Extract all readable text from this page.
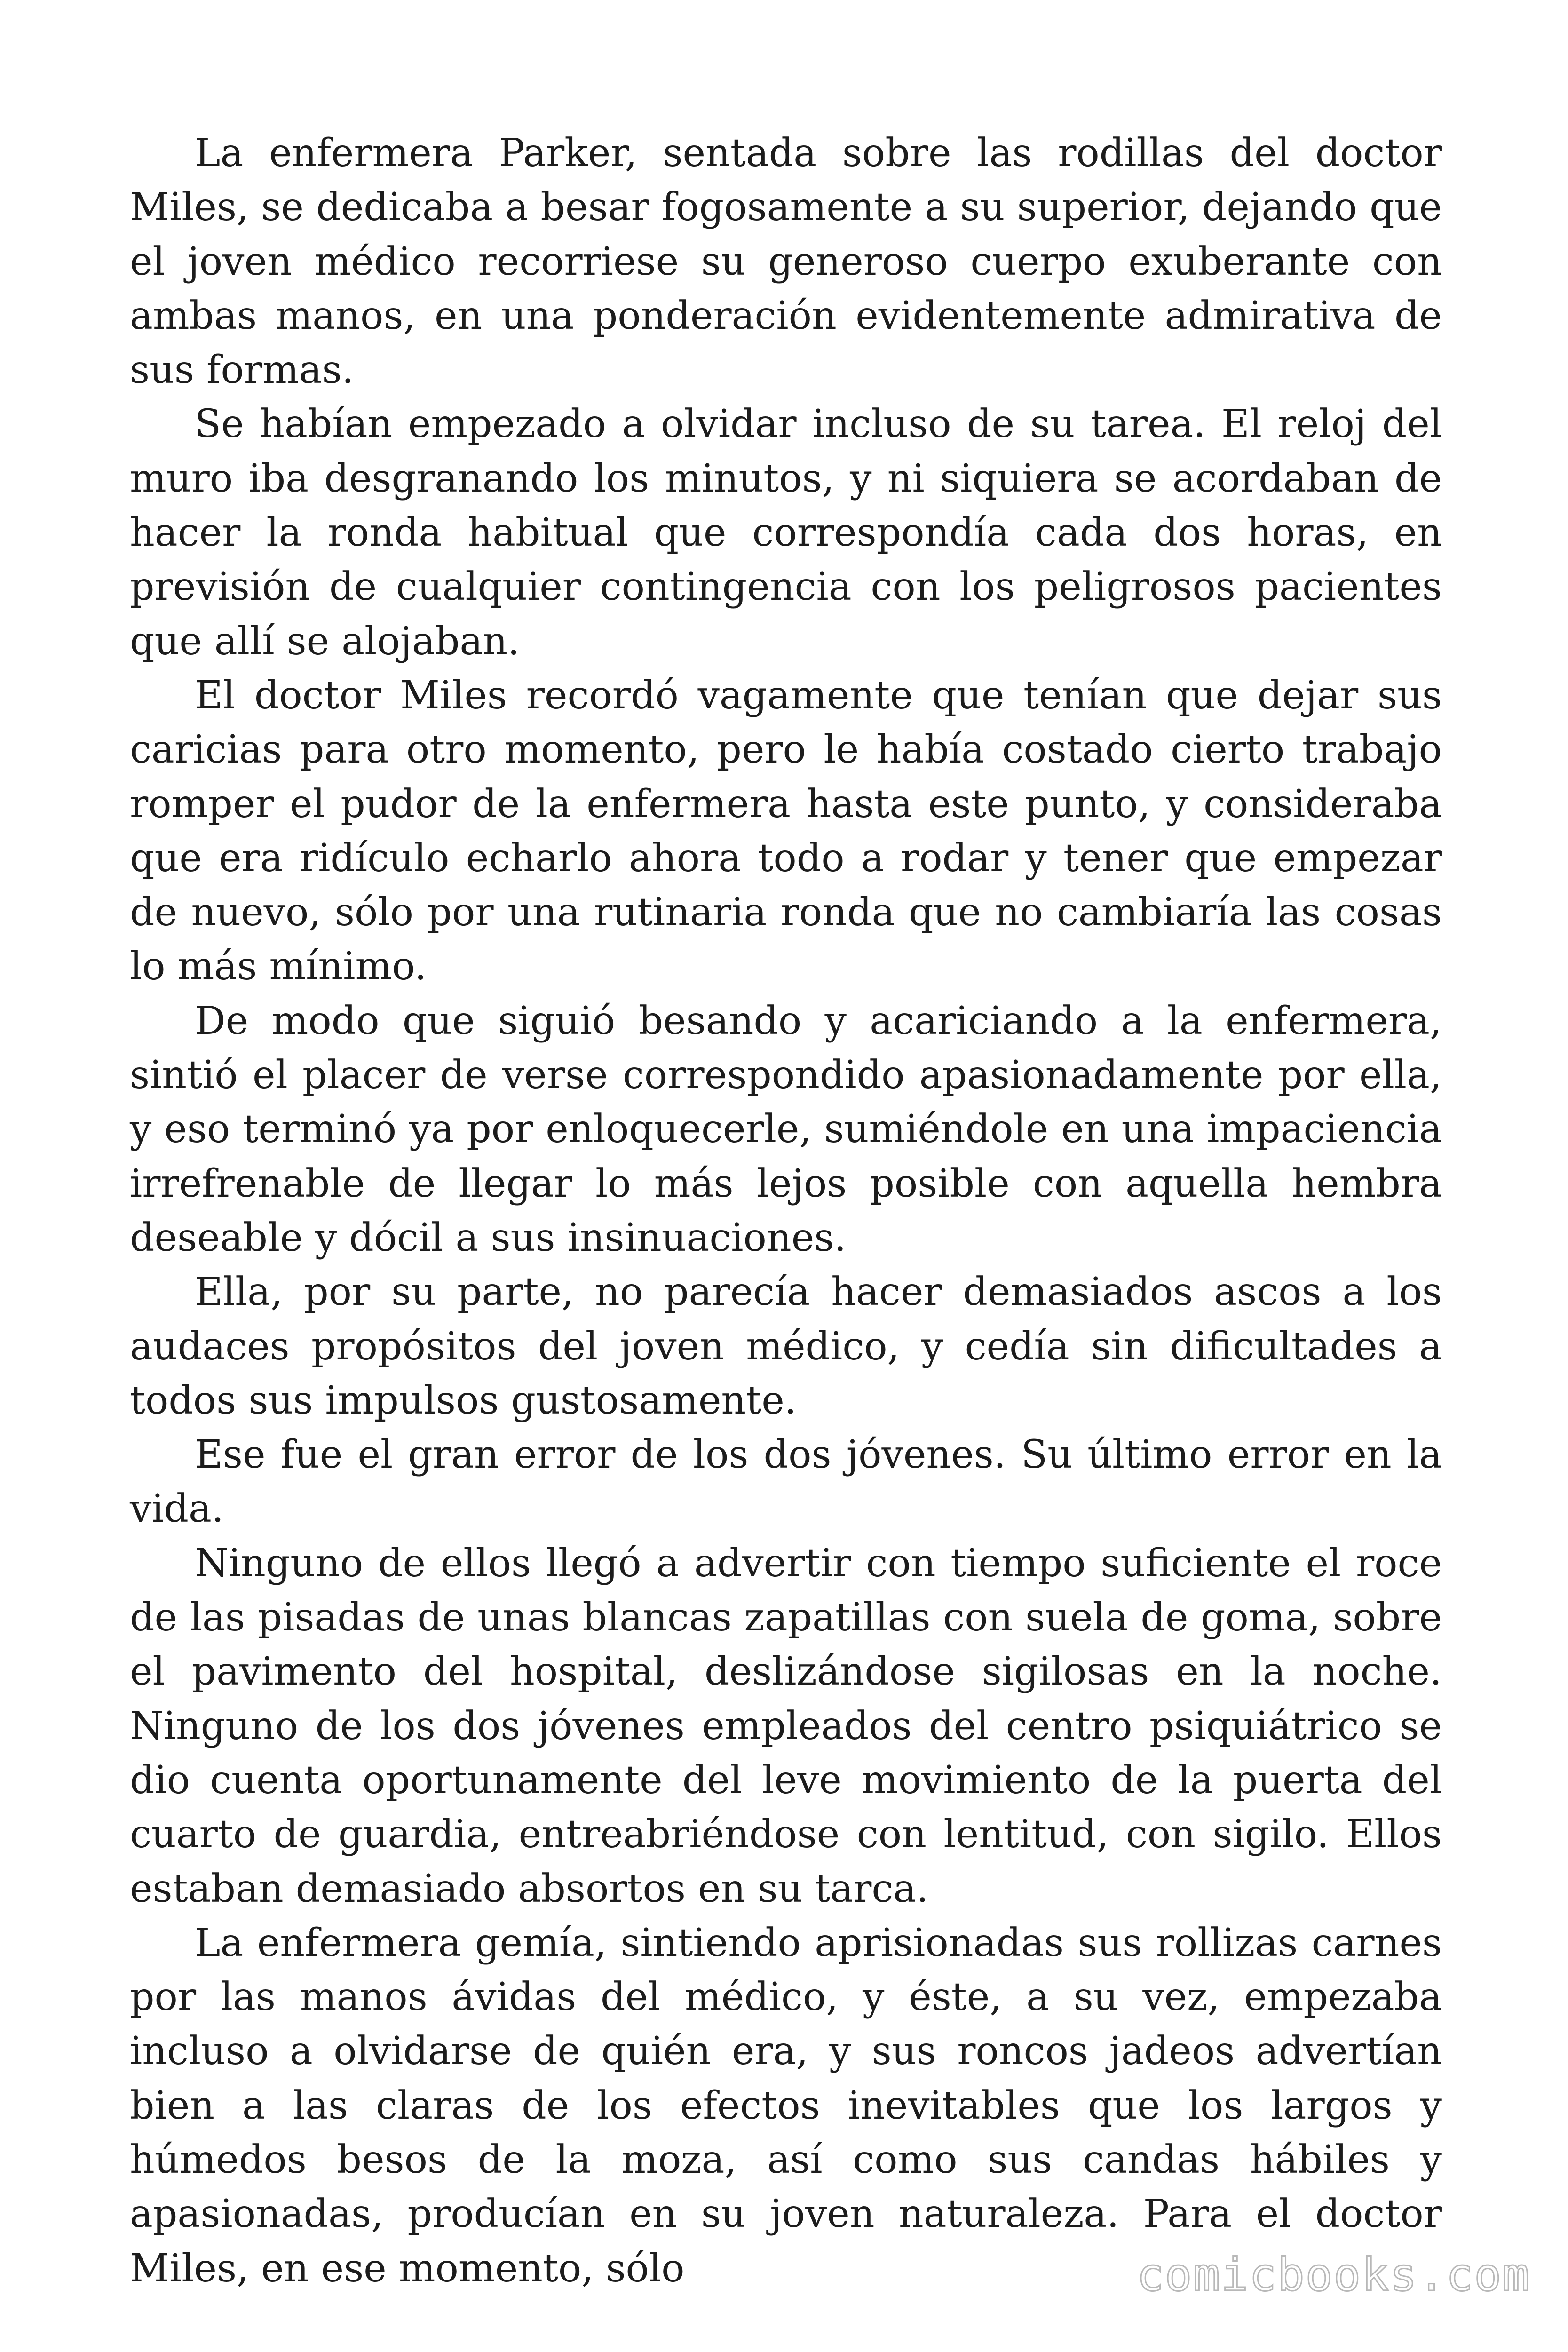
La enfermera Parker, sentada sobre las rodillas del doctor Miles, se dedicaba a besar fogosamente a su superior, dejando que el joven médico recorriese su generoso cuerpo exuberante con ambas manos, en una ponderación evidentemente admirativa de sus formas.

Se habían empezado a olvidar incluso de su tarea. El reloj del muro iba desgranando los minutos, y ni siquiera se acordaban de hacer la ronda habitual que correspondía cada dos horas, en previsión de cualquier contingencia con los peligrosos pacientes que allí se alojaban.

El doctor Miles recordó vagamente que tenían que dejar sus caricias para otro momento, pero le había costado cierto trabajo romper el pudor de la enfermera hasta este punto, y consideraba que era ridículo echarlo ahora todo a rodar y tener que empezar de nuevo, sólo por una rutinaria ronda que no cambiaría las cosas lo más mínimo.

De modo que siguió besando y acariciando a la enfermera, sintió el placer de verse correspondido apasionadamente por ella, y eso terminó ya por enloquecerle, sumiéndole en una impaciencia irrefrenable de llegar lo más lejos posible con aquella hembra deseable y dócil a sus insinuaciones.

Ella, por su parte, no parecía hacer demasiados ascos a los audaces propósitos del joven médico, y cedía sin dificultades a todos sus impulsos gustosamente.

Ese fue el gran error de los dos jóvenes. Su último error en la vida.

Ninguno de ellos llegó a advertir con tiempo suficiente el roce de las pisadas de unas blancas zapatillas con suela de goma, sobre el pavimento del hospital, deslizándose sigilosas en la noche. Ninguno de los dos jóvenes empleados del centro psiquiátrico se dio cuenta oportunamente del leve movimiento de la puerta del cuarto de guardia, entreabriéndose con lentitud, con sigilo. Ellos estaban demasiado absortos en su tarca.

La enfermera gemía, sintiendo aprisionadas sus rollizas carnes por las manos ávidas del médico, y éste, a su vez, empezaba incluso a olvidarse de quién era, y sus roncos jadeos advertían bien a las claras de los efectos inevitables que los largos y húmedos besos de la moza, así como sus candas hábiles y apasionadas, producían en su joven naturaleza. Para el doctor Miles, en ese momento, sólo	comicbooks.com
